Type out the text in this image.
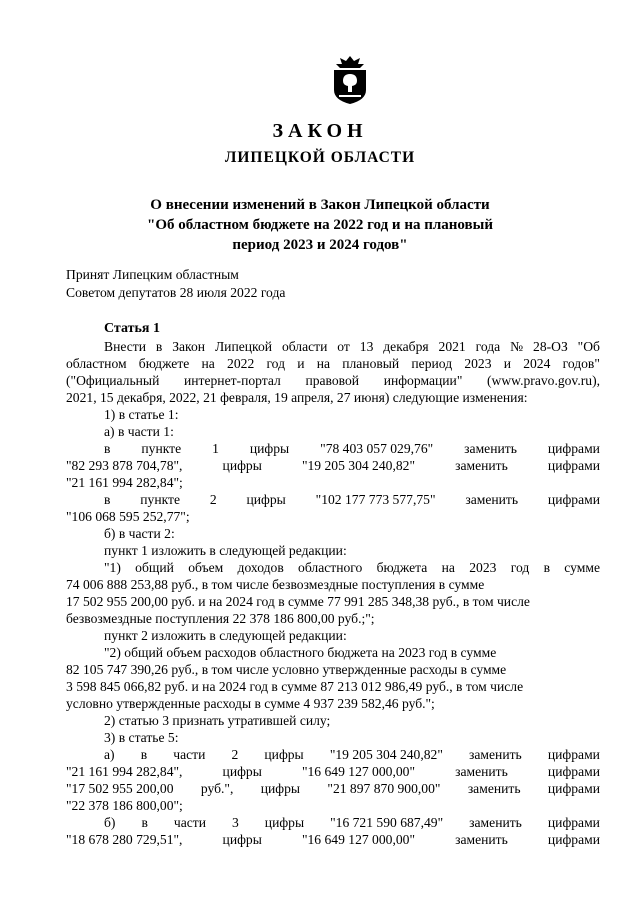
ЗАКОН
ЛИПЕЦКОЙ ОБЛАСТИ
О внесении изменений в Закон Липецкой области
"Об областном бюджете на 2022 год и на плановый
период 2023 и 2024 годов"
Принят Липецким областным
Советом депутатов 28 июля 2022 года
Статья 1
Внести в Закон Липецкой области от 13 декабря 2021 года № 28-ОЗ "Об
областном бюджете на 2022 год и на плановый период 2023 и 2024 годов"
("Официальный интернет-портал правовой информации" (www.pravo.gov.ru),
2021, 15 декабря, 2022, 21 февраля, 19 апреля, 27 июня) следующие изменения:
1) в статье 1:
а) в части 1:
в пункте 1 цифры "78 403 057 029,76" заменить цифрами
"82 293 878 704,78",	цифры	"19 205 304 240,82"	заменить	цифрами
"21 161 994 282,84";
в пункте 2 цифры "102 177 773 577,75" заменить цифрами
"106 068 595 252,77";
б) в части 2:
пункт 1 изложить в следующей редакции:
"1) общий объем доходов областного бюджета на 2023 год в сумме
74 006 888 253,88 руб., в том числе безвозмездные поступления в сумме
17 502 955 200,00 руб. и на 2024 год в сумме 77 991 285 348,38 руб., в том числе
безвозмездные поступления 22 378 186 800,00 руб.;";
пункт 2 изложить в следующей редакции:
"2) общий объем расходов областного бюджета на 2023 год в сумме
82 105 747 390,26 руб., в том числе условно утвержденные расходы в сумме
3 598 845 066,82 руб. и на 2024 год в сумме 87 213 012 986,49 руб., в том числе
условно утвержденные расходы в сумме 4 937 239 582,46 руб.";
2) статью 3 признать утратившей силу;
3) в статье 5:
а) в части 2 цифры "19 205 304 240,82" заменить цифрами
"21 161 994 282,84",	цифры	"16 649 127 000,00"	заменить	цифрами
"17 502 955 200,00 руб.", цифры "21 897 870 900,00" заменить цифрами
"22 378 186 800,00";
б) в части 3 цифры "16 721 590 687,49" заменить цифрами
"18 678 280 729,51",	цифры	"16 649 127 000,00"	заменить	цифрами
